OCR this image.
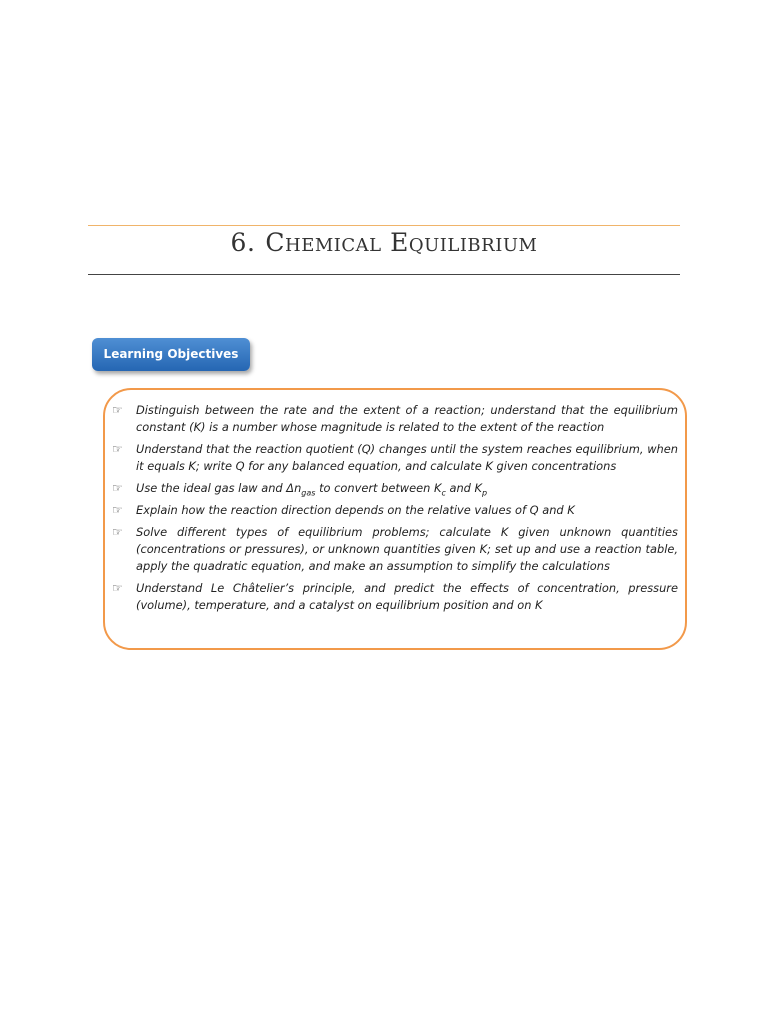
6. Chemical Equilibrium
Learning Objectives
☞ Distinguish between the rate and the extent of a reaction; understand that the equilibrium constant (K) is a number whose magnitude is related to the extent of the reaction
☞ Understand that the reaction quotient (Q) changes until the system reaches equilibrium, when it equals K; write Q for any balanced equation, and calculate K given concentrations
☞ Use the ideal gas law and $\Delta n_{gas}$ to convert between $K_c$ and $K_p$
☞ Explain how the reaction direction depends on the relative values of Q and K
☞ Solve different types of equilibrium problems; calculate K given unknown quantities (concentrations or pressures), or unknown quantities given K; set up and use a reaction table, apply the quadratic equation, and make an assumption to simplify the calculations
☞ Understand Le Châtelier’s principle, and predict the effects of concentration, pressure (volume), temperature, and a catalyst on equilibrium position and on K
